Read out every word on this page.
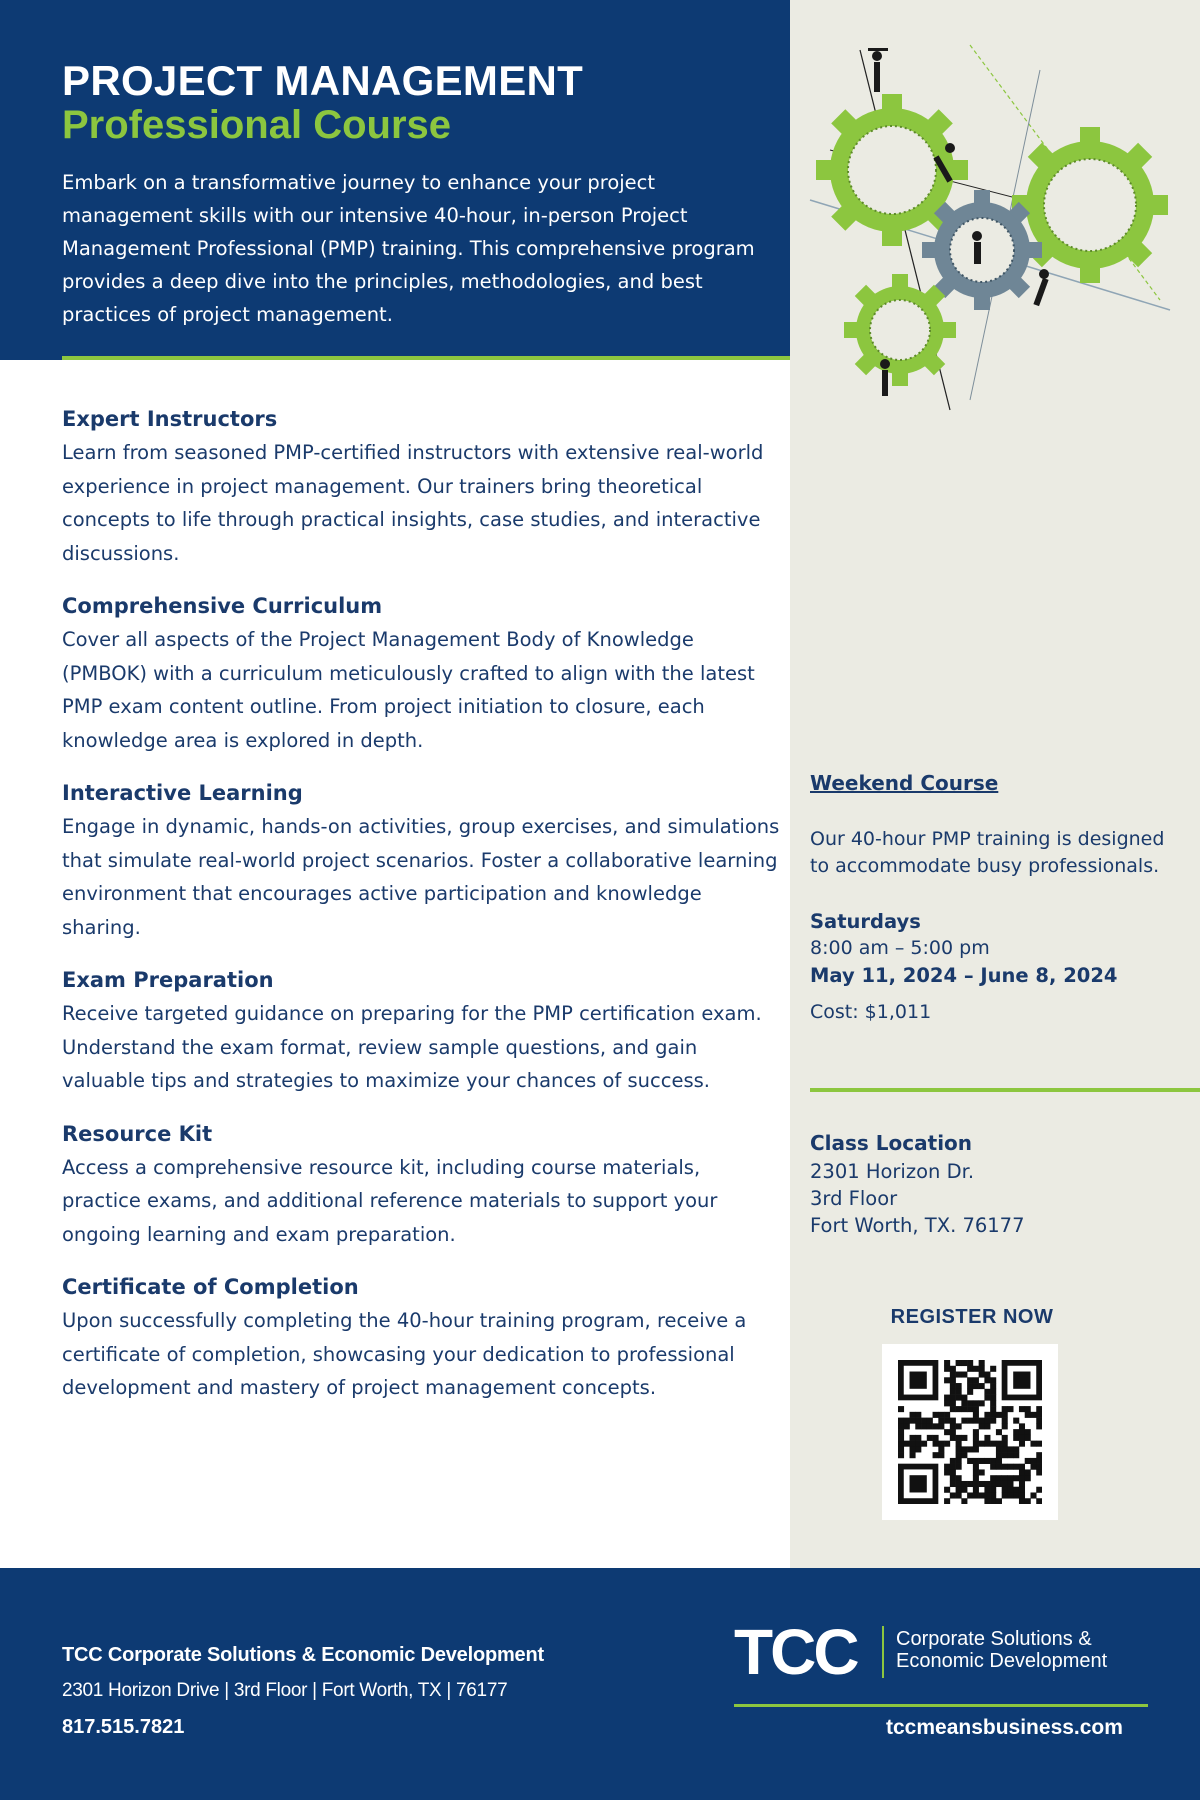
PROJECT MANAGEMENT
Professional Course

Embark on a transformative journey to enhance your project management skills with our intensive 40-hour, in-person Project Management Professional (PMP) training. This comprehensive program provides a deep dive into the principles, methodologies, and best practices of project management.

Expert Instructors

Learn from seasoned PMP-certified instructors with extensive real-world experience in project management. Our trainers bring theoretical concepts to life through practical insights, case studies, and interactive discussions.

Comprehensive Curriculum

Cover all aspects of the Project Management Body of Knowledge (PMBOK) with a curriculum meticulously crafted to align with the latest PMP exam content outline. From project initiation to closure, each knowledge area is explored in depth.

Interactive Learning

Engage in dynamic, hands-on activities, group exercises, and simulations that simulate real-world project scenarios. Foster a collaborative learning environment that encourages active participation and knowledge sharing.

Exam Preparation

Receive targeted guidance on preparing for the PMP certification exam. Understand the exam format, review sample questions, and gain valuable tips and strategies to maximize your chances of success.

Resource Kit

Access a comprehensive resource kit, including course materials, practice exams, and additional reference materials to support your ongoing learning and exam preparation.

Certificate of Completion

Upon successfully completing the 40-hour training program, receive a certificate of completion, showcasing your dedication to professional development and mastery of project management concepts.

Weekend Course
Our 40-hour PMP training is designed to accommodate busy professionals.
Saturdays
8:00 am – 5:00 pm
May 11, 2024 – June 8, 2024
Cost: $1,011
Class Location
2301 Horizon Dr.
3rd Floor
Fort Worth, TX. 76177
REGISTER NOW
TCC Corporate Solutions & Economic Development
2301 Horizon Drive | 3rd Floor | Fort Worth, TX | 76177
817.515.7821
TCC Corporate Solutions &
Economic Development
tccmeansbusiness.com
